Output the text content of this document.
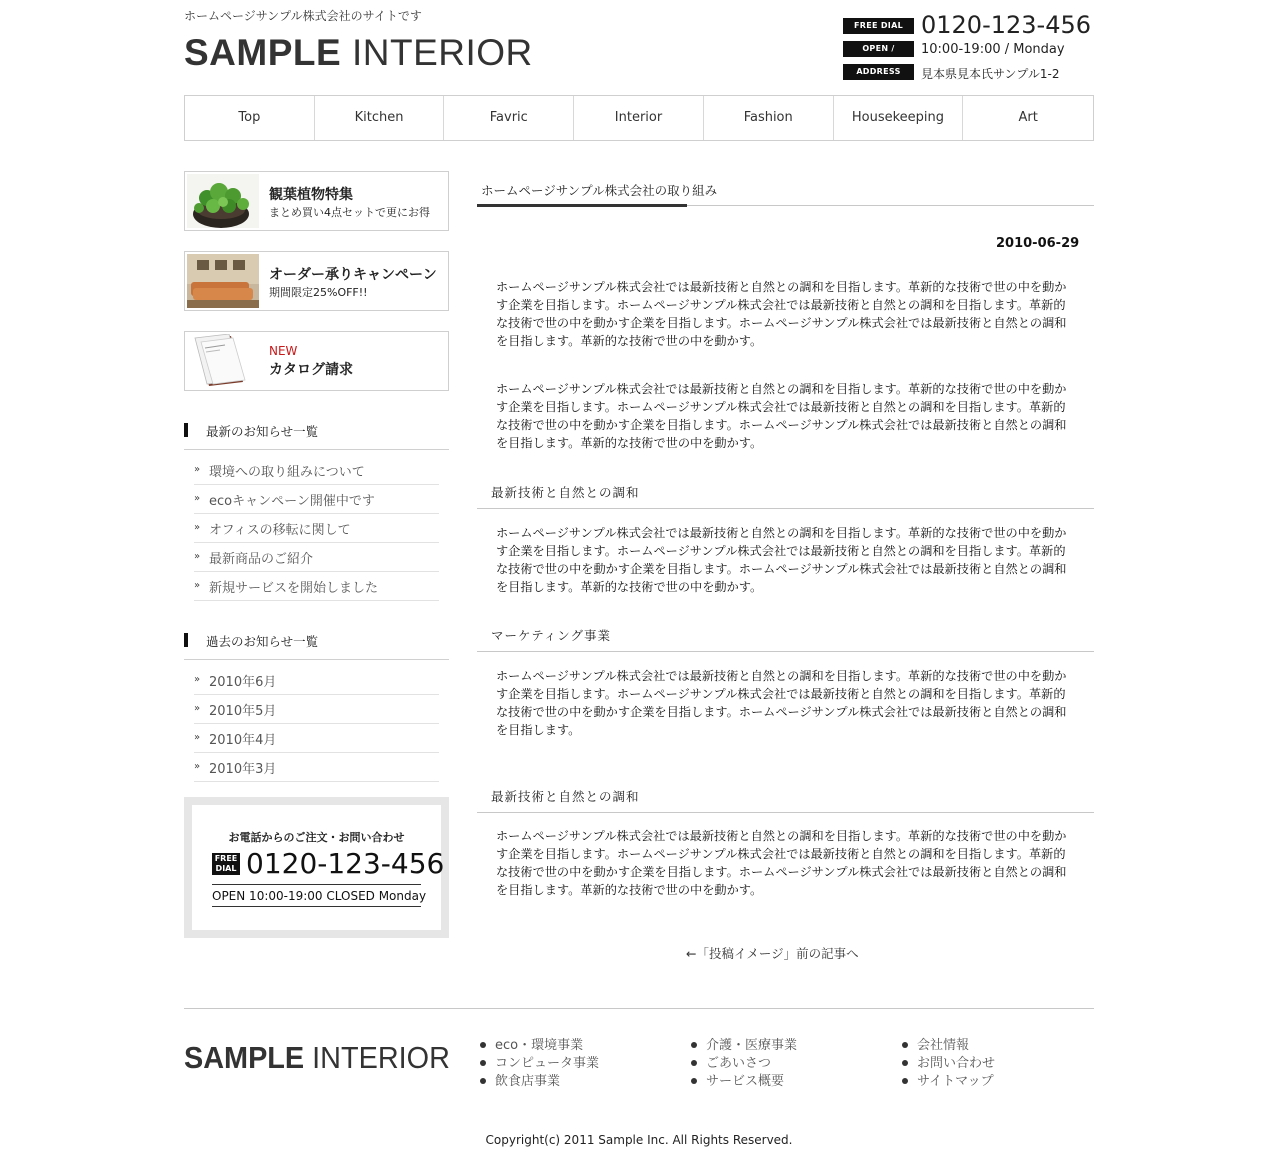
ホームページサンプル株式会社のサイトです
SAMPLE INTERIOR
FREE DIAL 0120-123-456
OPEN /	10:00-19:00 / Monday
ADDRESS	見本県見本氏サンプル1-2
Top	Kitchen	Favric	Interior	Fashion	Housekeeping	Art
観葉植物特集
まとめ買い4点セットで更にお得
オーダー承りキャンペーン
期間限定25%OFF!!
NEW
カタログ請求
最新のお知らせ一覧
» 環境への取り組みについて
» ecoキャンペーン開催中です
» オフィスの移転に関して
» 最新商品のご紹介
» 新規サービスを開始しました
過去のお知らせ一覧
» 2010年6月
» 2010年5月
» 2010年4月
» 2010年3月
お電話からのご注文・お問い合わせ
FREE
DIAL 0120-123-456
OPEN 10:00-19:00 CLOSED Monday
ホームページサンプル株式会社の取り組み
2010-06-29
ホームページサンプル株式会社では最新技術と自然との調和を目指します。革新的な技術で世の中を動かす企業を目指します。ホームページサンプル株式会社では最新技術と自然との調和を目指します。革新的な技術で世の中を動かす企業を目指します。ホームページサンプル株式会社では最新技術と自然との調和を目指します。革新的な技術で世の中を動かす。
ホームページサンプル株式会社では最新技術と自然との調和を目指します。革新的な技術で世の中を動かす企業を目指します。ホームページサンプル株式会社では最新技術と自然との調和を目指します。革新的な技術で世の中を動かす企業を目指します。ホームページサンプル株式会社では最新技術と自然との調和を目指します。革新的な技術で世の中を動かす。
最新技術と自然との調和
ホームページサンプル株式会社では最新技術と自然との調和を目指します。革新的な技術で世の中を動かす企業を目指します。ホームページサンプル株式会社では最新技術と自然との調和を目指します。革新的な技術で世の中を動かす企業を目指します。ホームページサンプル株式会社では最新技術と自然との調和を目指します。革新的な技術で世の中を動かす。
マーケティング事業
ホームページサンプル株式会社では最新技術と自然との調和を目指します。革新的な技術で世の中を動かす企業を目指します。ホームページサンプル株式会社では最新技術と自然との調和を目指します。革新的な技術で世の中を動かす企業を目指します。ホームページサンプル株式会社では最新技術と自然との調和を目指します。
最新技術と自然との調和
ホームページサンプル株式会社では最新技術と自然との調和を目指します。革新的な技術で世の中を動かす企業を目指します。ホームページサンプル株式会社では最新技術と自然との調和を目指します。革新的な技術で世の中を動かす企業を目指します。ホームページサンプル株式会社では最新技術と自然との調和を目指します。革新的な技術で世の中を動かす。
←「投稿イメージ」前の記事へ
SAMPLE INTERIOR	eco・環境事業
コンピュータ事業
飲食店事業
介護・医療事業
ごあいさつ
サービス概要
会社情報
お問い合わせ
サイトマップ
Copyright(c) 2011 Sample Inc. All Rights Reserved.
